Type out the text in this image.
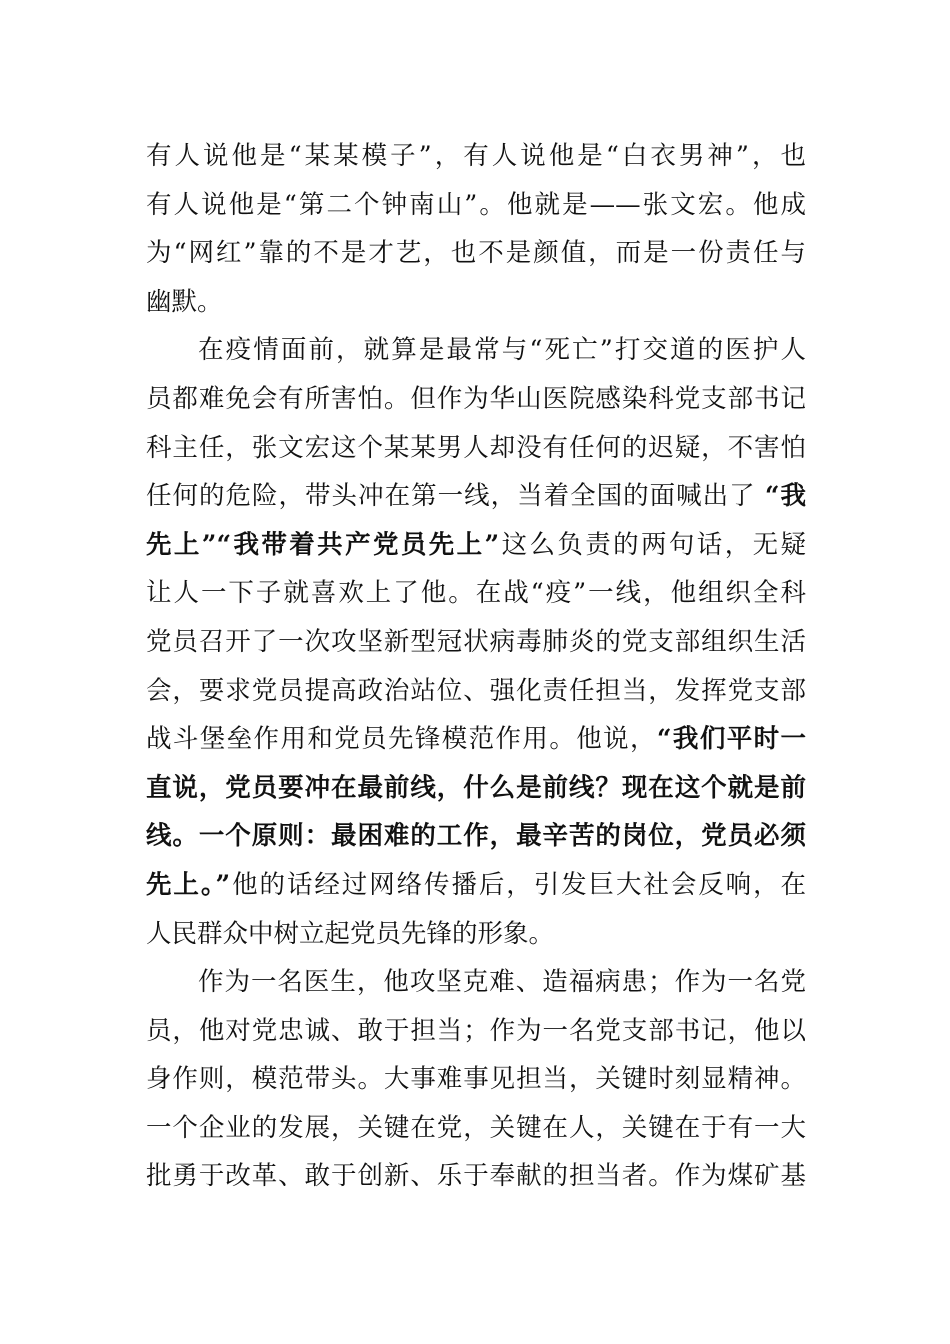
有人说他是“某某模子”，有人说他是“白衣男神”，也
有人说他是“第二个钟南山”。他就是——张文宏。他成
为“网红”靠的不是才艺，也不是颜值，而是一份责任与
幽默。
在疫情面前，就算是最常与“死亡”打交道的医护人
员都难免会有所害怕。但作为华山医院感染科党支部书记
科主任，张文宏这个某某男人却没有任何的迟疑，不害怕
任何的危险，带头冲在第一线，当着全国的面喊出了 “我
先上”“我带着共产党员先上”这么负责的两句话，无疑
让人一下子就喜欢上了他。在战“疫”一线，他组织全科
党员召开了一次攻坚新型冠状病毒肺炎的党支部组织生活
会，要求党员提高政治站位、强化责任担当，发挥党支部
战斗堡垒作用和党员先锋模范作用。他说，“我们平时一
直说，党员要冲在最前线，什么是前线？现在这个就是前
线。一个原则：最困难的工作，最辛苦的岗位，党员必须
先上。”他的话经过网络传播后，引发巨大社会反响，在
人民群众中树立起党员先锋的形象。
作为一名医生，他攻坚克难、造福病患；作为一名党
员，他对党忠诚、敢于担当；作为一名党支部书记，他以
身作则，模范带头。大事难事见担当，关键时刻显精神。
一个企业的发展，关键在党，关键在人，关键在于有一大
批勇于改革、敢于创新、乐于奉献的担当者。作为煤矿基
